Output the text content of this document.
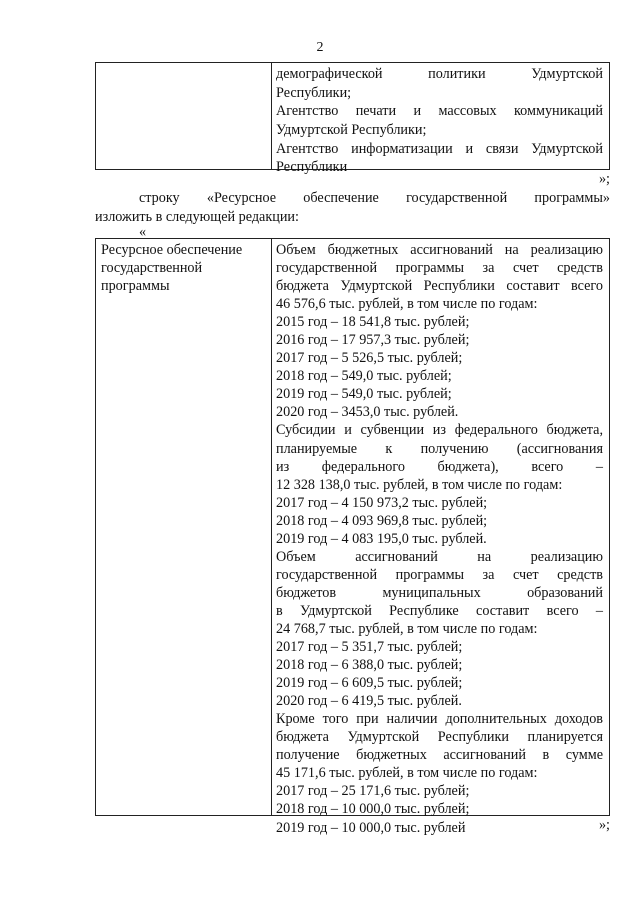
2
демографической политики Удмуртской
Республики;
Агентство печати и массовых коммуникаций
Удмуртской Республики;
Агентство информатизации и связи Удмуртской
Республики
»;
строку «Ресурсное обеспечение государственной программы»
изложить в следующей редакции:
«
Ресурсное обеспечение
государственной
программы
Объем бюджетных ассигнований на реализацию
государственной программы за счет средств
бюджета Удмуртской Республики составит всего
46 576,6 тыс. рублей, в том числе по годам:
2015 год – 18 541,8 тыс. рублей;
2016 год – 17 957,3 тыс. рублей;
2017 год – 5 526,5 тыс. рублей;
2018 год – 549,0 тыс. рублей;
2019 год – 549,0 тыс. рублей;
2020 год – 3453,0 тыс. рублей.
Субсидии и субвенции из федерального бюджета,
планируемые к получению (ассигнования
из федерального бюджета), всего –
12 328 138,0 тыс. рублей, в том числе по годам:
2017 год – 4 150 973,2 тыс. рублей;
2018 год – 4 093 969,8 тыс. рублей;
2019 год – 4 083 195,0 тыс. рублей.
Объем ассигнований на реализацию
государственной программы за счет средств
бюджетов муниципальных образований
в Удмуртской Республике составит всего –
24 768,7 тыс. рублей, в том числе по годам:
2017 год – 5 351,7 тыс. рублей;
2018 год – 6 388,0 тыс. рублей;
2019 год – 6 609,5 тыс. рублей;
2020 год – 6 419,5 тыс. рублей.
Кроме того при наличии дополнительных доходов
бюджета Удмуртской Республики планируется
получение бюджетных ассигнований в сумме
45 171,6 тыс. рублей, в том числе по годам:
2017 год – 25 171,6 тыс. рублей;
2018 год – 10 000,0 тыс. рублей;
2019 год – 10 000,0 тыс. рублей	»;
